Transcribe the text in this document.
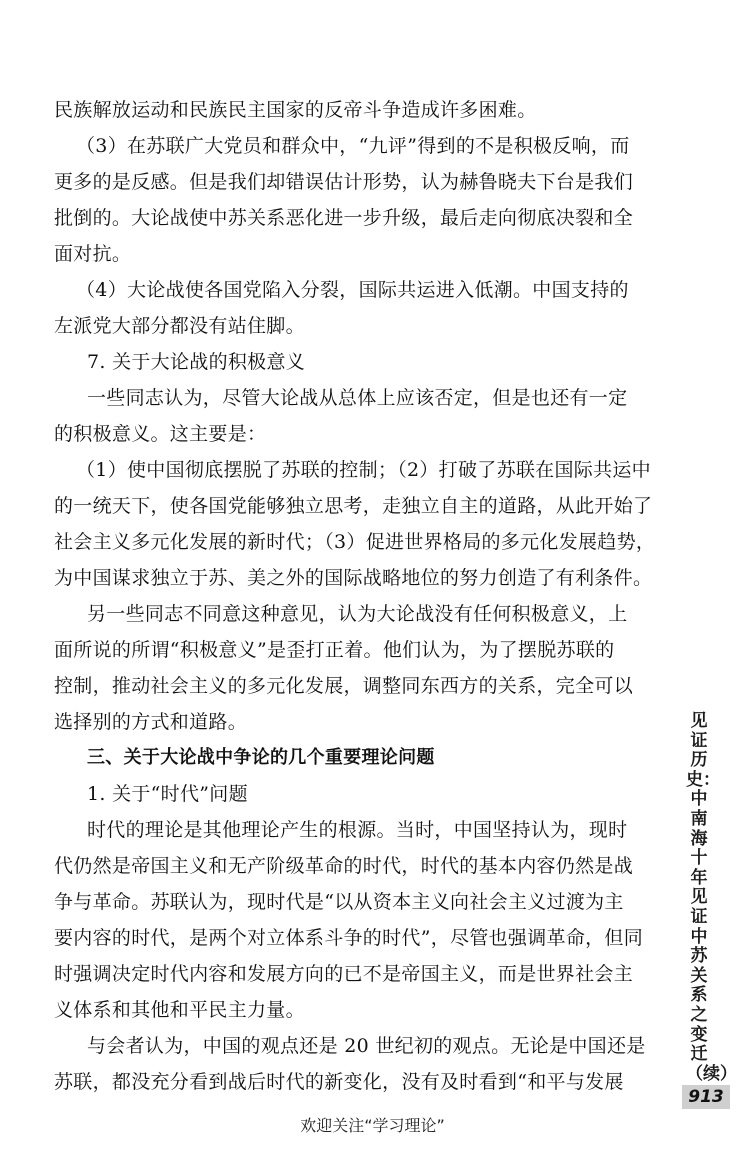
民族解放运动和民族民主国家的反帝斗争造成许多困难。
（3）在苏联广大党员和群众中，“九评”得到的不是积极反响，而
更多的是反感。但是我们却错误估计形势，认为赫鲁晓夫下台是我们
批倒的。大论战使中苏关系恶化进一步升级，最后走向彻底决裂和全
面对抗。
（4）大论战使各国党陷入分裂，国际共运进入低潮。中国支持的
左派党大部分都没有站住脚。
7. 关于大论战的积极意义
一些同志认为，尽管大论战从总体上应该否定，但是也还有一定
的积极意义。这主要是：
（1）使中国彻底摆脱了苏联的控制；（2）打破了苏联在国际共运中
的一统天下，使各国党能够独立思考，走独立自主的道路，从此开始了
社会主义多元化发展的新时代；（3）促进世界格局的多元化发展趋势，
为中国谋求独立于苏、美之外的国际战略地位的努力创造了有利条件。
另一些同志不同意这种意见，认为大论战没有任何积极意义，上
面所说的所谓“积极意义”是歪打正着。他们认为，为了摆脱苏联的
控制，推动社会主义的多元化发展，调整同东西方的关系，完全可以
选择别的方式和道路。
三、关于大论战中争论的几个重要理论问题
1. 关于“时代”问题
时代的理论是其他理论产生的根源。当时，中国坚持认为，现时
代仍然是帝国主义和无产阶级革命的时代，时代的基本内容仍然是战
争与革命。苏联认为，现时代是“以从资本主义向社会主义过渡为主
要内容的时代，是两个对立体系斗争的时代”，尽管也强调革命，但同
时强调决定时代内容和发展方向的已不是帝国主义，而是世界社会主
义体系和其他和平民主力量。
与会者认为，中国的观点还是 20 世纪初的观点。无论是中国还是
苏联，都没充分看到战后时代的新变化，没有及时看到“和平与发展
见证历史：中南海十年见证中苏关系之变迁（续）
913
欢迎关注“学习理论”
